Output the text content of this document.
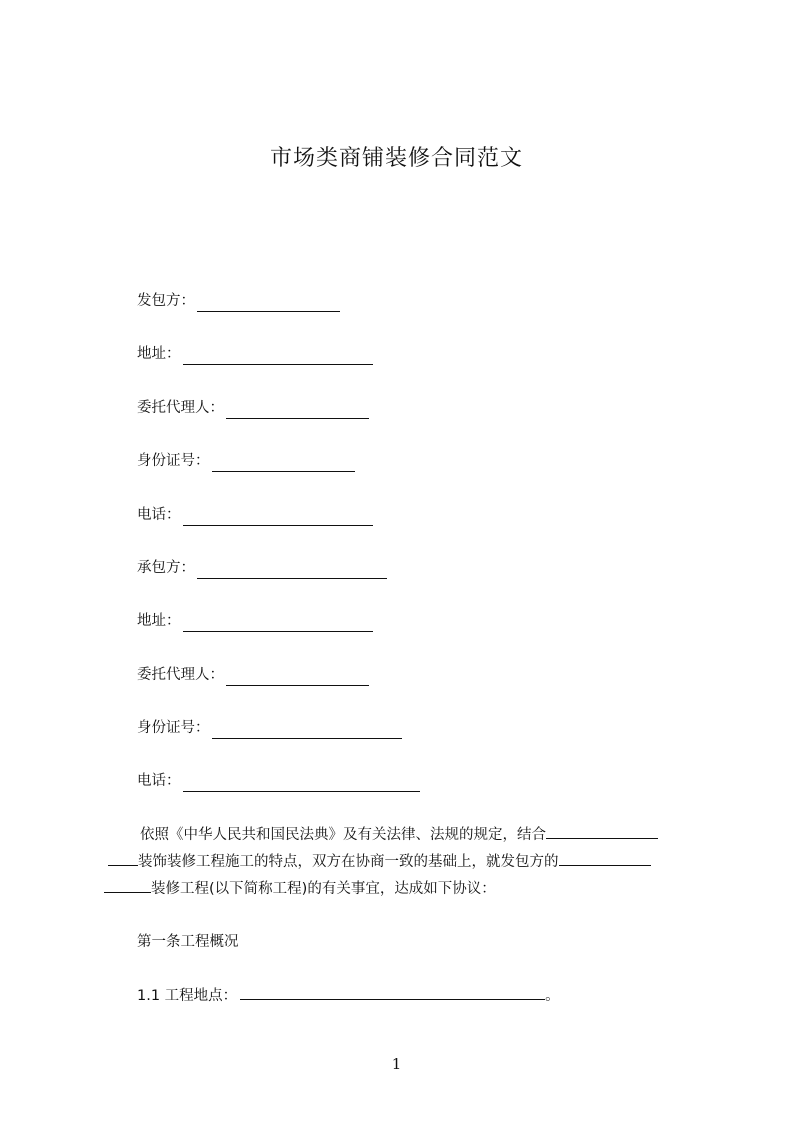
市场类商铺装修合同范文
发包方：
地址：
委托代理人：
身份证号：
电话：
承包方：
地址：
委托代理人：
身份证号：
电话：
依照《中华人民共和国民法典》及有关法律、法规的规定，结合
装饰装修工程施工的特点，双方在协商一致的基础上，就发包方的
装修工程(以下简称工程)的有关事宜，达成如下协议：
第一条工程概况
1.1 工程地点：	。
1
